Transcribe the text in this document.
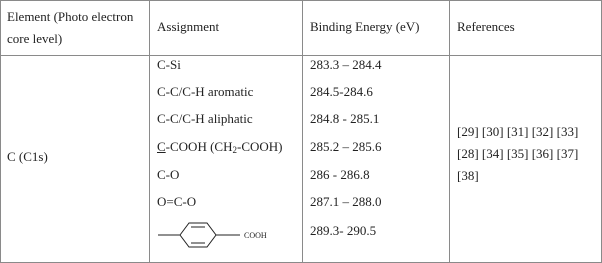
Element (Photo electron
core level)
Assignment	Binding Energy (eV)	References
C (C1s)
C-Si
C-C/C-H aromatic
C-C/C-H aliphatic
C-COOH (CH2-COOH)
C-O
O=C-O
COOH
283.3 – 284.4
284.5-284.6
284.8 - 285.1
285.2 – 285.6
286 - 286.8
287.1 – 288.0
289.3- 290.5
[29] [30] [31] [32] [33]
[28] [34] [35] [36] [37]
[38]
